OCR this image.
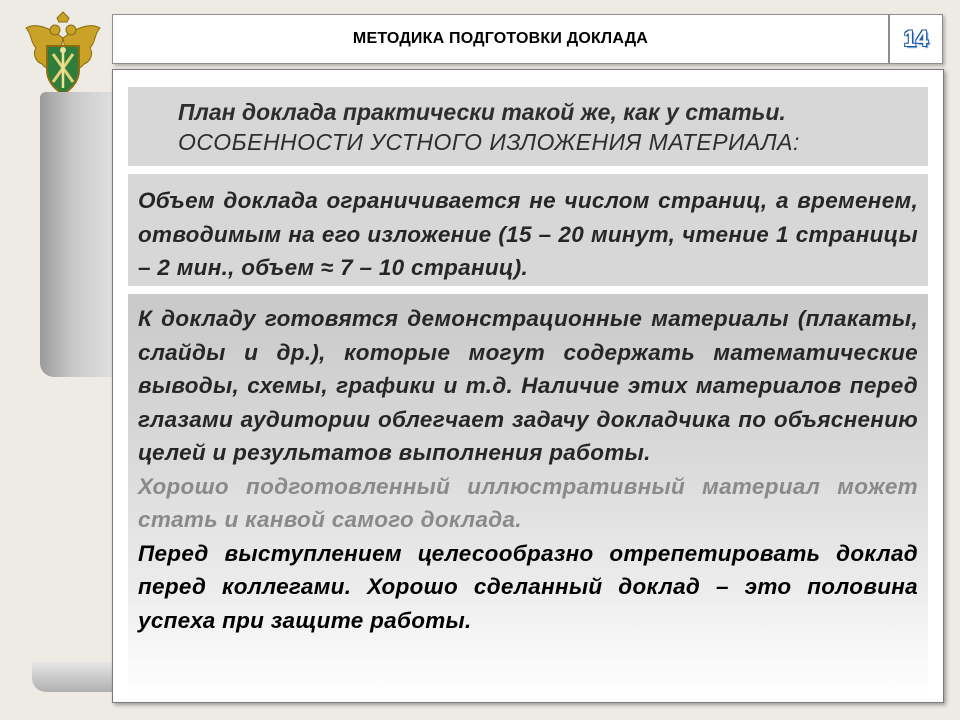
МЕТОДИКА ПОДГОТОВКИ ДОКЛАДА	14

План доклада практически такой же, как у статьи.

ОСОБЕННОСТИ УСТНОГО ИЗЛОЖЕНИЯ МАТЕРИАЛА:

Объем доклада ограничивается не числом страниц, а временем, отводимым на его изложение (15 – 20 минут, чтение 1 страницы – 2 мин., объем ≈ 7 – 10 страниц).

К докладу готовятся демонстрационные материалы (плакаты, слайды и др.), которые могут содержать математические выводы, схемы, графики и т.д. Наличие этих материалов перед глазами аудитории облегчает задачу докладчика по объяснению целей и результатов выполнения работы.

Хорошо подготовленный иллюстративный материал может стать и канвой самого доклада.

Перед выступлением целесообразно отрепетировать доклад перед коллегами. Хорошо сделанный доклад – это половина успеха при защите работы.
